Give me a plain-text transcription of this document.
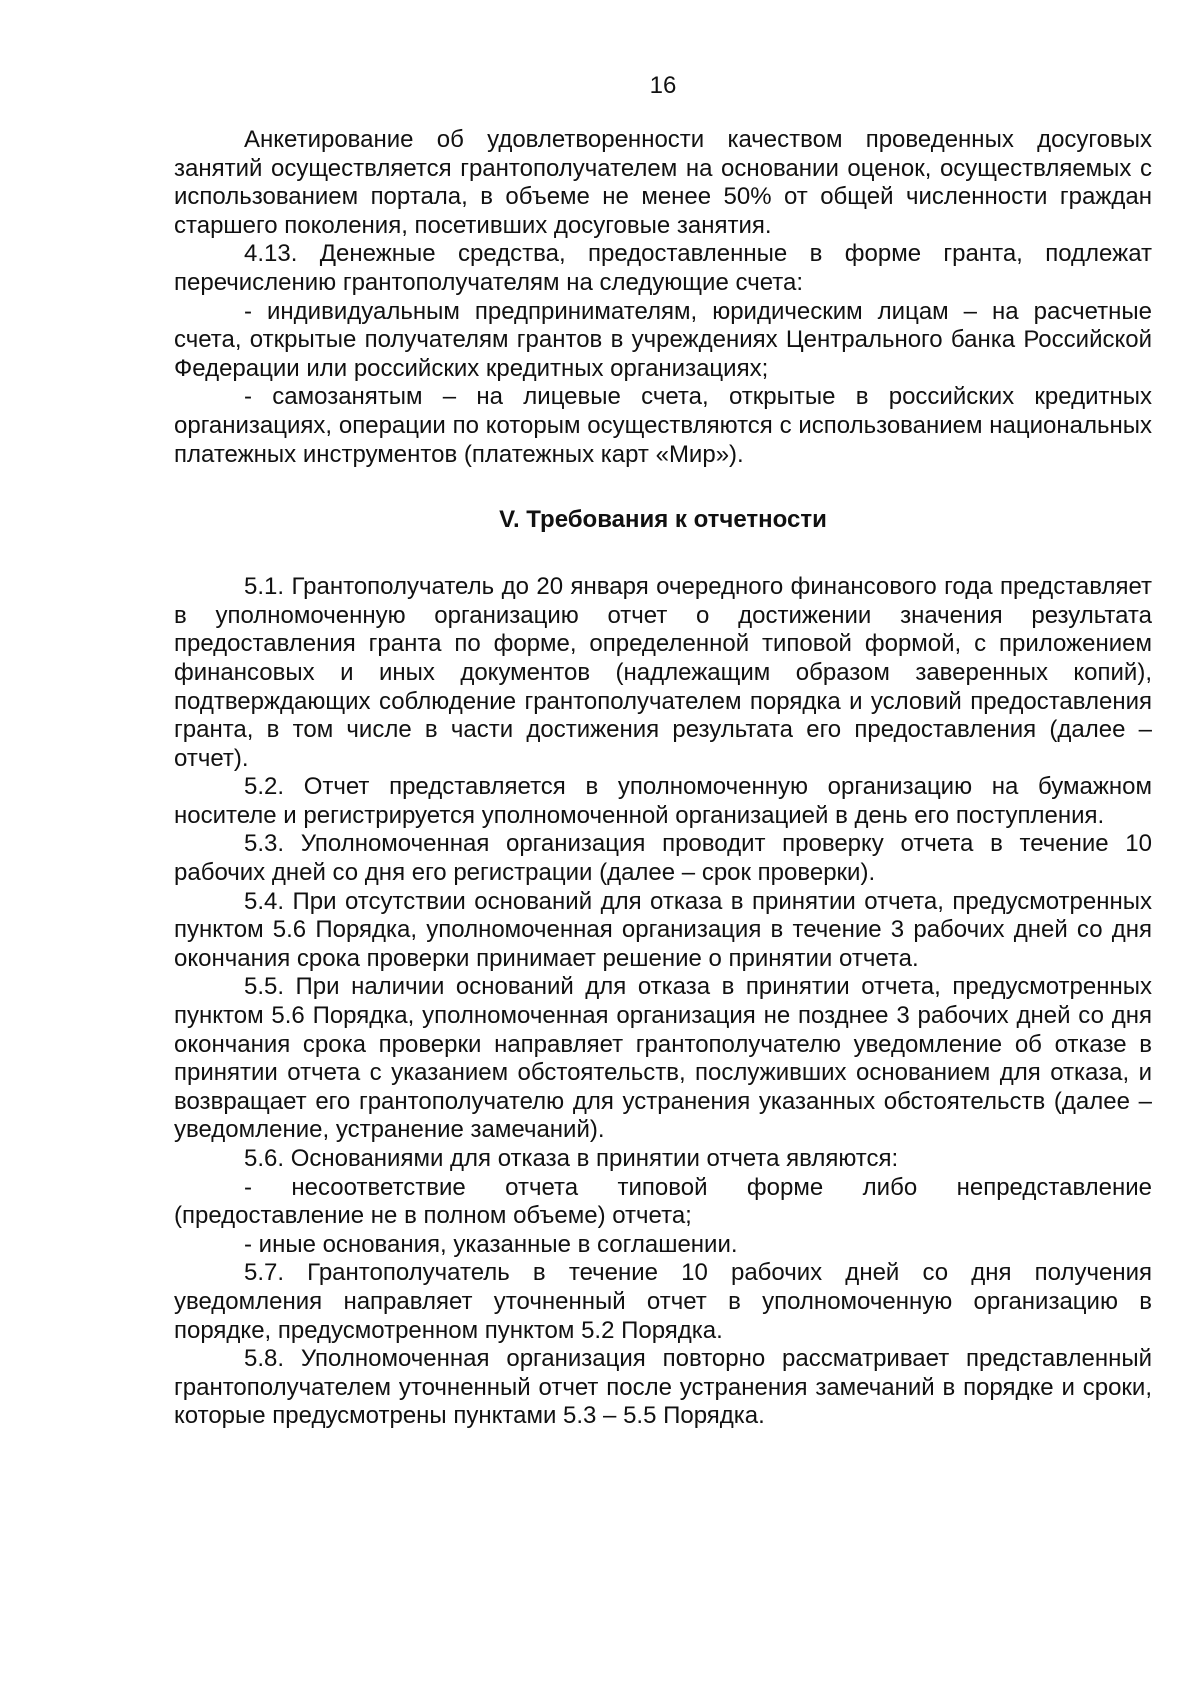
16

Анкетирование об удовлетворенности качеством проведенных досуговых занятий осуществляется грантополучателем на основании оценок, осуществляемых с использованием портала, в объеме не менее 50% от общей численности граждан старшего поколения, посетивших досуговые занятия.

4.13. Денежные средства, предоставленные в форме гранта, подлежат перечислению грантополучателям на следующие счета:

- индивидуальным предпринимателям, юридическим лицам – на расчетные счета, открытые получателям грантов в учреждениях Центрального банка Российской Федерации или российских кредитных организациях;

- самозанятым – на лицевые счета, открытые в российских кредитных организациях, операции по которым осуществляются с использованием национальных платежных инструментов (платежных карт «Мир»).

V. Требования к отчетности

5.1. Грантополучатель до 20 января очередного финансового года представляет в уполномоченную организацию отчет о достижении значения результата предоставления гранта по форме, определенной типовой формой, с приложением финансовых и иных документов (надлежащим образом заверенных копий), подтверждающих соблюдение грантополучателем порядка и условий предоставления гранта, в том числе в части достижения результата его предоставления (далее – отчет).

5.2. Отчет представляется в уполномоченную организацию на бумажном носителе и регистрируется уполномоченной организацией в день его поступления.

5.3. Уполномоченная организация проводит проверку отчета в течение 10 рабочих дней со дня его регистрации (далее – срок проверки).

5.4. При отсутствии оснований для отказа в принятии отчета, предусмотренных пунктом 5.6 Порядка, уполномоченная организация в течение 3 рабочих дней со дня окончания срока проверки принимает решение о принятии отчета.

5.5. При наличии оснований для отказа в принятии отчета, предусмотренных пунктом 5.6 Порядка, уполномоченная организация не позднее 3 рабочих дней со дня окончания срока проверки направляет грантополучателю уведомление об отказе в принятии отчета с указанием обстоятельств, послуживших основанием для отказа, и возвращает его грантополучателю для устранения указанных обстоятельств (далее – уведомление, устранение замечаний).

5.6. Основаниями для отказа в принятии отчета являются:

- несоответствие отчета типовой форме либо непредставление (предоставление не в полном объеме) отчета;

- иные основания, указанные в соглашении.

5.7. Грантополучатель в течение 10 рабочих дней со дня получения уведомления направляет уточненный отчет в уполномоченную организацию в порядке, предусмотренном пунктом 5.2 Порядка.

5.8. Уполномоченная организация повторно рассматривает представленный грантополучателем уточненный отчет после устранения замечаний в порядке и сроки, которые предусмотрены пунктами 5.3 – 5.5 Порядка.
